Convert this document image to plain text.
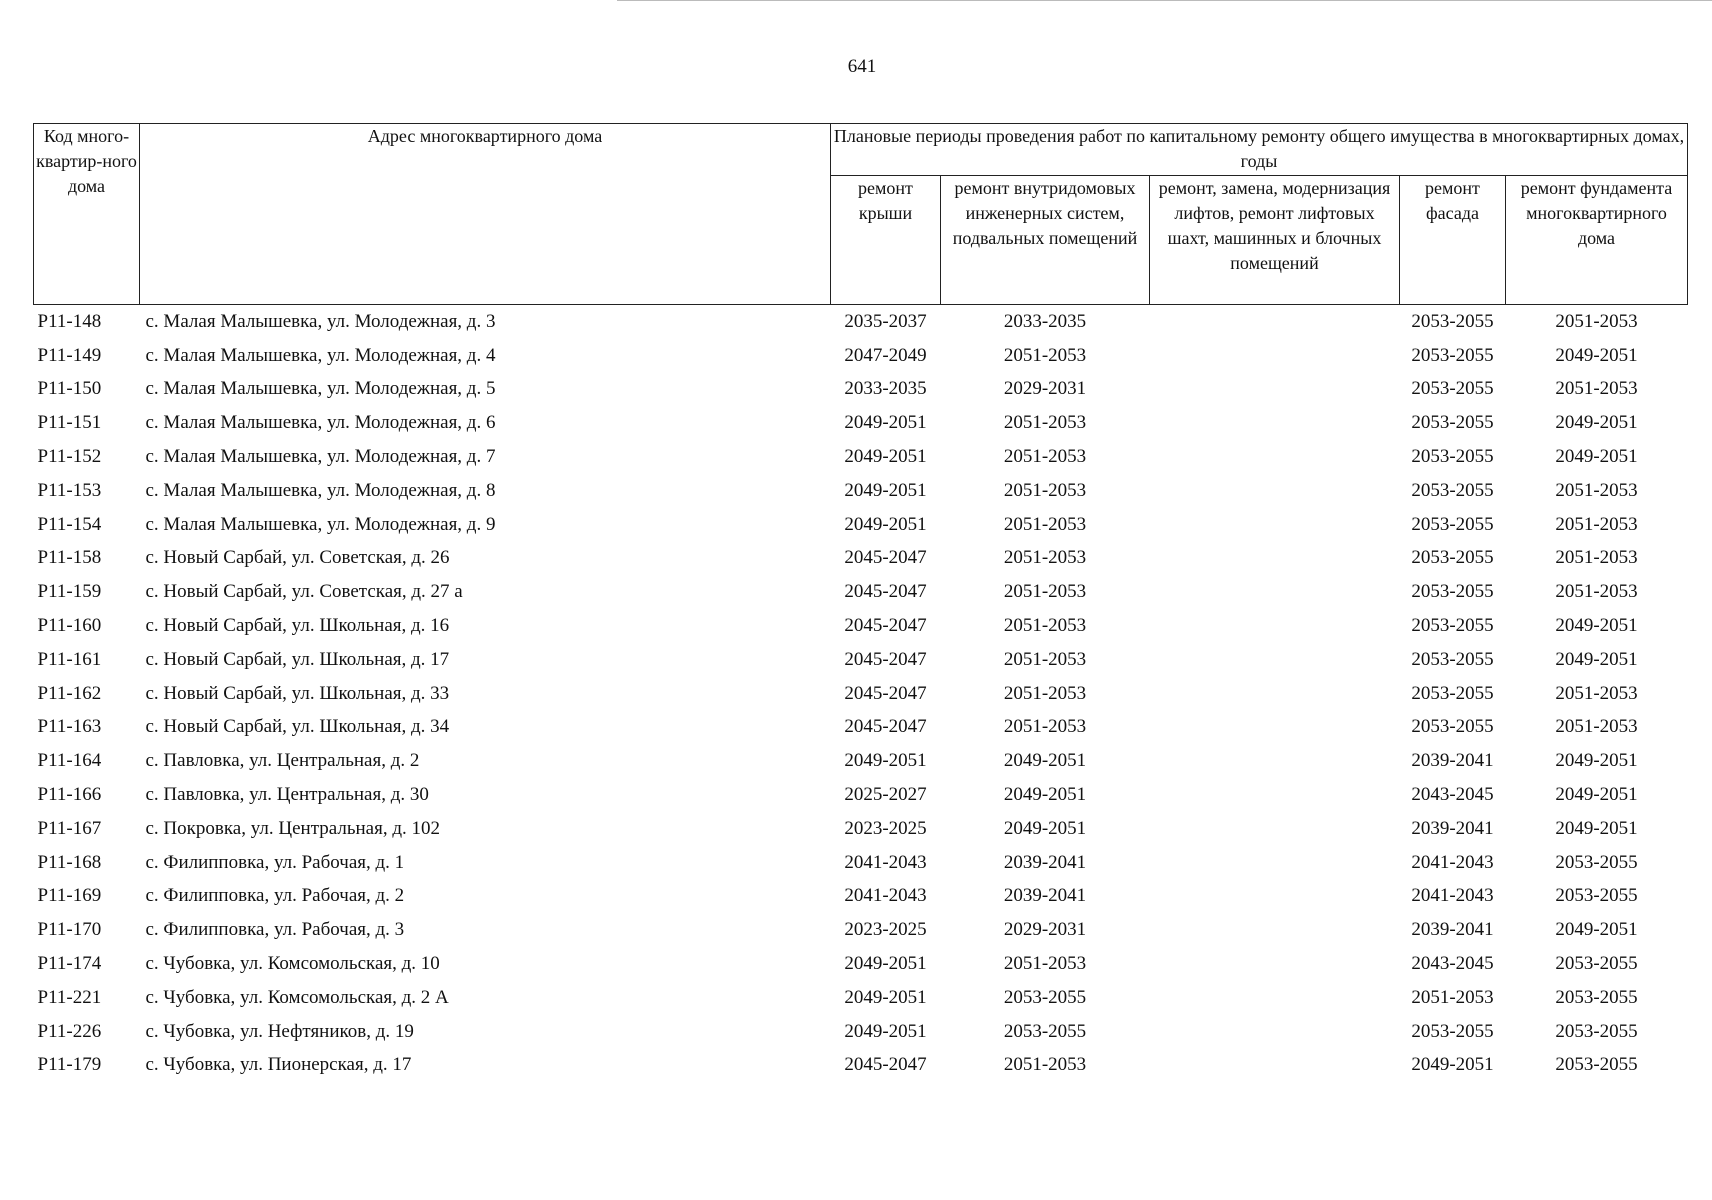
641
Код много-квартир-ного дома	Адрес многоквартирного дома	Плановые периоды проведения работ по капитальному ремонту общего имущества в многоквартирных домах, годы				
		ремонт крыши	ремонт внутридомовых инженерных систем, подвальных помещений	ремонт, замена, модернизация лифтов, ремонт лифтовых шахт, машинных и блочных помещений	ремонт фасада	ремонт фундамента многоквартирного дома
P11-148	с. Малая Малышевка, ул. Молодежная, д. 3	2035-2037	2033-2035		2053-2055	2051-2053
P11-149	с. Малая Малышевка, ул. Молодежная, д. 4	2047-2049	2051-2053		2053-2055	2049-2051
P11-150	с. Малая Малышевка, ул. Молодежная, д. 5	2033-2035	2029-2031		2053-2055	2051-2053
P11-151	с. Малая Малышевка, ул. Молодежная, д. 6	2049-2051	2051-2053		2053-2055	2049-2051
P11-152	с. Малая Малышевка, ул. Молодежная, д. 7	2049-2051	2051-2053		2053-2055	2049-2051
P11-153	с. Малая Малышевка, ул. Молодежная, д. 8	2049-2051	2051-2053		2053-2055	2051-2053
P11-154	с. Малая Малышевка, ул. Молодежная, д. 9	2049-2051	2051-2053		2053-2055	2051-2053
P11-158	с. Новый Сарбай, ул. Советская, д. 26	2045-2047	2051-2053		2053-2055	2051-2053
P11-159	с. Новый Сарбай, ул. Советская, д. 27 а	2045-2047	2051-2053		2053-2055	2051-2053
P11-160	с. Новый Сарбай, ул. Школьная, д. 16	2045-2047	2051-2053		2053-2055	2049-2051
P11-161	с. Новый Сарбай, ул. Школьная, д. 17	2045-2047	2051-2053		2053-2055	2049-2051
P11-162	с. Новый Сарбай, ул. Школьная, д. 33	2045-2047	2051-2053		2053-2055	2051-2053
P11-163	с. Новый Сарбай, ул. Школьная, д. 34	2045-2047	2051-2053		2053-2055	2051-2053
P11-164	с. Павловка, ул. Центральная, д. 2	2049-2051	2049-2051		2039-2041	2049-2051
P11-166	с. Павловка, ул. Центральная, д. 30	2025-2027	2049-2051		2043-2045	2049-2051
P11-167	с. Покровка, ул. Центральная, д. 102	2023-2025	2049-2051		2039-2041	2049-2051
P11-168	с. Филипповка, ул. Рабочая, д. 1	2041-2043	2039-2041		2041-2043	2053-2055
P11-169	с. Филипповка, ул. Рабочая, д. 2	2041-2043	2039-2041		2041-2043	2053-2055
P11-170	с. Филипповка, ул. Рабочая, д. 3	2023-2025	2029-2031		2039-2041	2049-2051
P11-174	с. Чубовка, ул. Комсомольская, д. 10	2049-2051	2051-2053		2043-2045	2053-2055
P11-221	с. Чубовка, ул. Комсомольская, д. 2 А	2049-2051	2053-2055		2051-2053	2053-2055
P11-226	с. Чубовка, ул. Нефтяников, д. 19	2049-2051	2053-2055		2053-2055	2053-2055
P11-179	с. Чубовка, ул. Пионерская, д. 17	2045-2047	2051-2053		2049-2051	2053-2055
